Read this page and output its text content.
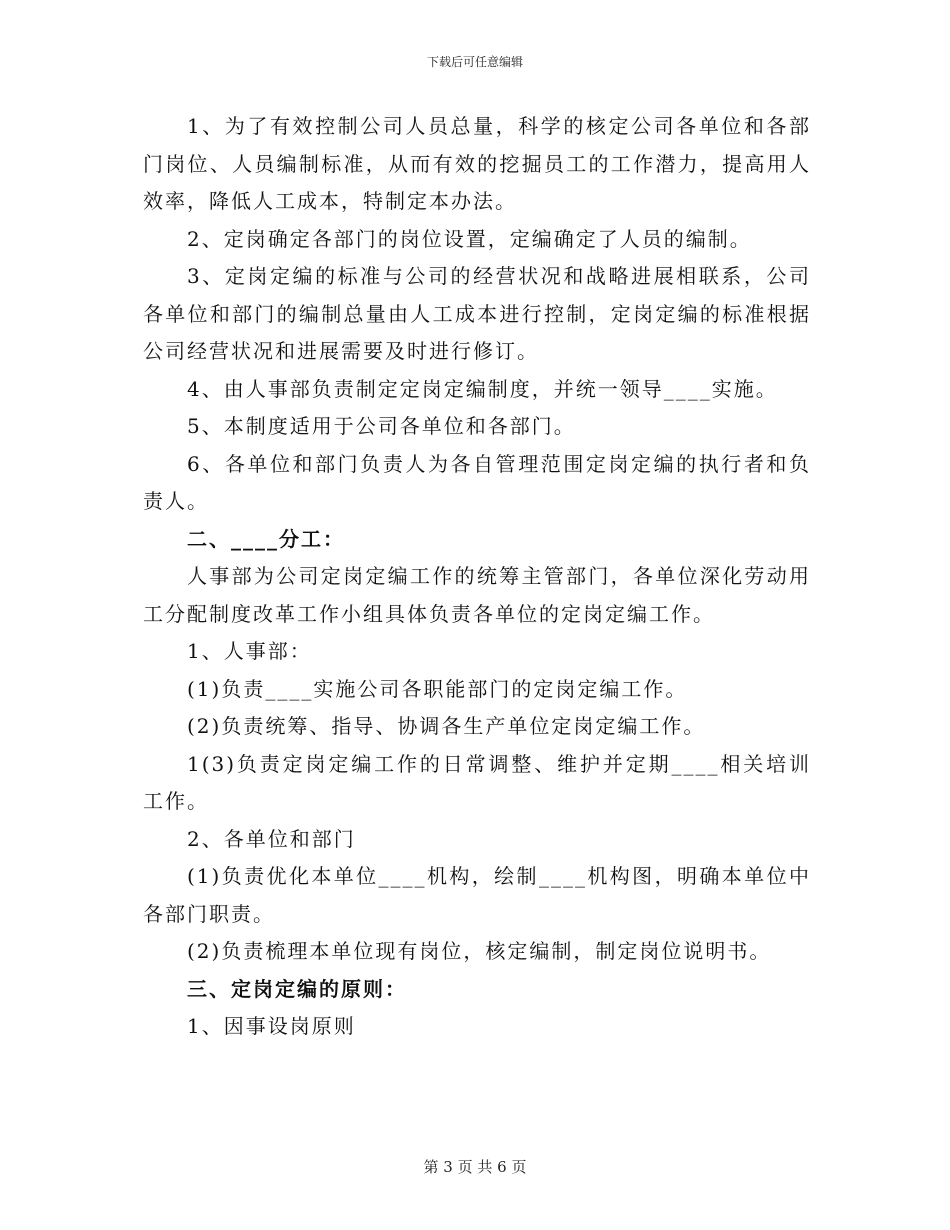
下载后可任意编辑

1、为了有效控制公司人员总量，科学的核定公司各单位和各部门岗位、人员编制标准，从而有效的挖掘员工的工作潜力，提高用人效率，降低人工成本，特制定本办法。

2、定岗确定各部门的岗位设置，定编确定了人员的编制。

3、定岗定编的标准与公司的经营状况和战略进展相联系，公司各单位和部门的编制总量由人工成本进行控制，定岗定编的标准根据公司经营状况和进展需要及时进行修订。

4、由人事部负责制定定岗定编制度，并统一领导____实施。

5、本制度适用于公司各单位和各部门。

6、各单位和部门负责人为各自管理范围定岗定编的执行者和负责人。

二、____分工：

人事部为公司定岗定编工作的统筹主管部门，各单位深化劳动用工分配制度改革工作小组具体负责各单位的定岗定编工作。

1、人事部：

(1)负责____实施公司各职能部门的定岗定编工作。

(2)负责统筹、指导、协调各生产单位定岗定编工作。

1(3)负责定岗定编工作的日常调整、维护并定期____相关培训工作。

2、各单位和部门

(1)负责优化本单位____机构，绘制____机构图，明确本单位中各部门职责。

(2)负责梳理本单位现有岗位，核定编制，制定岗位说明书。

三、定岗定编的原则：

1、因事设岗原则

第 3 页 共 6 页
